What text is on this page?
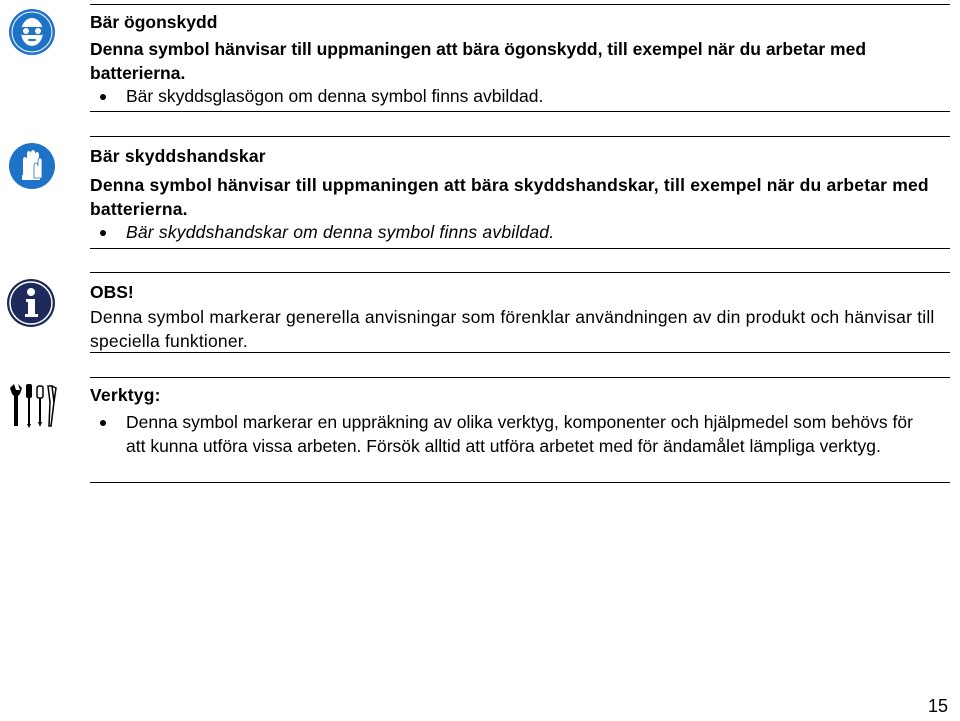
Bär ögonskydd

Denna symbol hänvisar till uppmaningen att bära ögonskydd, till exempel när du arbetar med batterierna.

Bär skyddsglasögon om denna symbol finns avbildad.

Bär skyddshandskar

Denna symbol hänvisar till uppmaningen att bära skyddshandskar, till exempel när du arbetar med batterierna.

Bär skyddshandskar om denna symbol finns avbildad.

OBS!

Denna symbol markerar generella anvisningar som förenklar användningen av din produkt och hänvisar till speciella funktioner.

Verktyg:

Denna symbol markerar en uppräkning av olika verktyg, komponenter och hjälpmedel som behövs för att kunna utföra vissa arbeten. Försök alltid att utföra arbetet med för ändamålet lämpliga verktyg.
15
